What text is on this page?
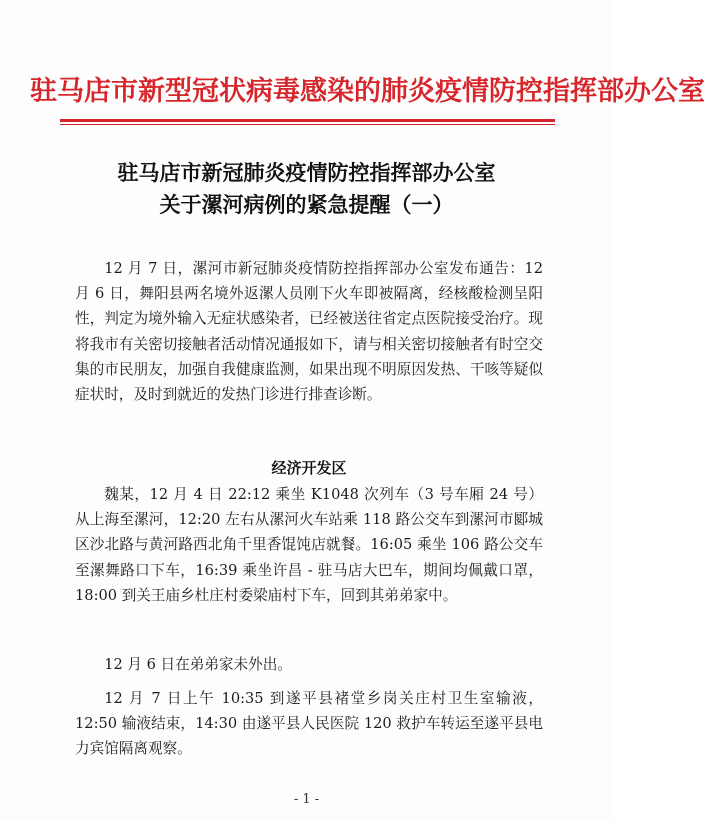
驻马店市新型冠状病毒感染的肺炎疫情防控指挥部办公室
驻马店市新冠肺炎疫情防控指挥部办公室
关于漯河病例的紧急提醒（一）

12 月 7 日，漯河市新冠肺炎疫情防控指挥部办公室发布通告：12 月 6 日，舞阳县两名境外返漯人员刚下火车即被隔离，经核酸检测呈阳性，判定为境外输入无症状感染者，已经被送往省定点医院接受治疗。现将我市有关密切接触者活动情况通报如下，请与相关密切接触者有时空交集的市民朋友，加强自我健康监测，如果出现不明原因发热、干咳等疑似症状时，及时到就近的发热门诊进行排查诊断。

经济开发区

魏某，12 月 4 日 22:12 乘坐 K1048 次列车（3 号车厢 24 号）从上海至漯河，12:20 左右从漯河火车站乘 118 路公交车到漯河市郾城区沙北路与黄河路西北角千里香馄饨店就餐。16:05 乘坐 106 路公交车至漯舞路口下车，16:39 乘坐许昌 - 驻马店大巴车，期间均佩戴口罩，18:00 到关王庙乡杜庄村委梁庙村下车，回到其弟弟家中。

12 月 6 日在弟弟家未外出。

12 月 7 日上午 10:35 到遂平县褚堂乡岗关庄村卫生室输液，12:50 输液结束，14:30 由遂平县人民医院 120 救护车转运至遂平县电力宾馆隔离观察。

- 1 -
